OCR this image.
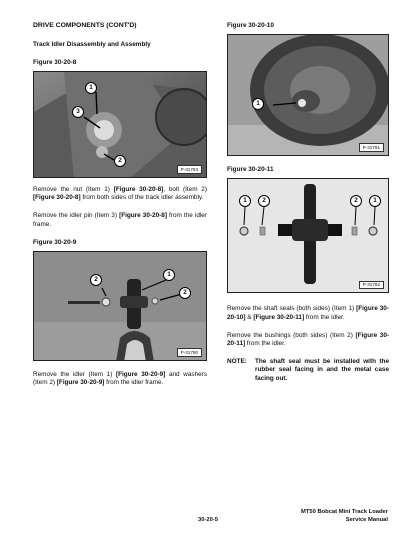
DRIVE COMPONENTS (CONT'D)
Track Idler Disassembly and Assembly
Figure 30-20-8
1
3
2
P-31793

Remove the nut (Item 1) [Figure 30-20-8], bolt (Item 2) [Figure 30-20-8] from both sides of the track idler assembly.

Remove the idler pin (Item 3) [Figure 30-20-8] from the idler frame.

Figure 30-20-9
2
1
2
P-31790

Remove the idler (Item 1) [Figure 30-20-9] and washers (Item 2) [Figure 30-20-9] from the idler frame.

Figure 30-20-10
1
P-31791
Figure 30-20-11
1	2	2	1
P-31792

Remove the shaft seals (both sides) (Item 1) [Figure 30-20-10] & [Figure 30-20-11] from the idler.

Remove the bushings (both sides) (Item 2) [Figure 30-20-11] from the idler.

NOTE:	The shaft seal must be installed with the rubber seal facing in and the metal case facing out.
30-20-5
MT50 Bobcat Mini Track Loader
Service Manual
